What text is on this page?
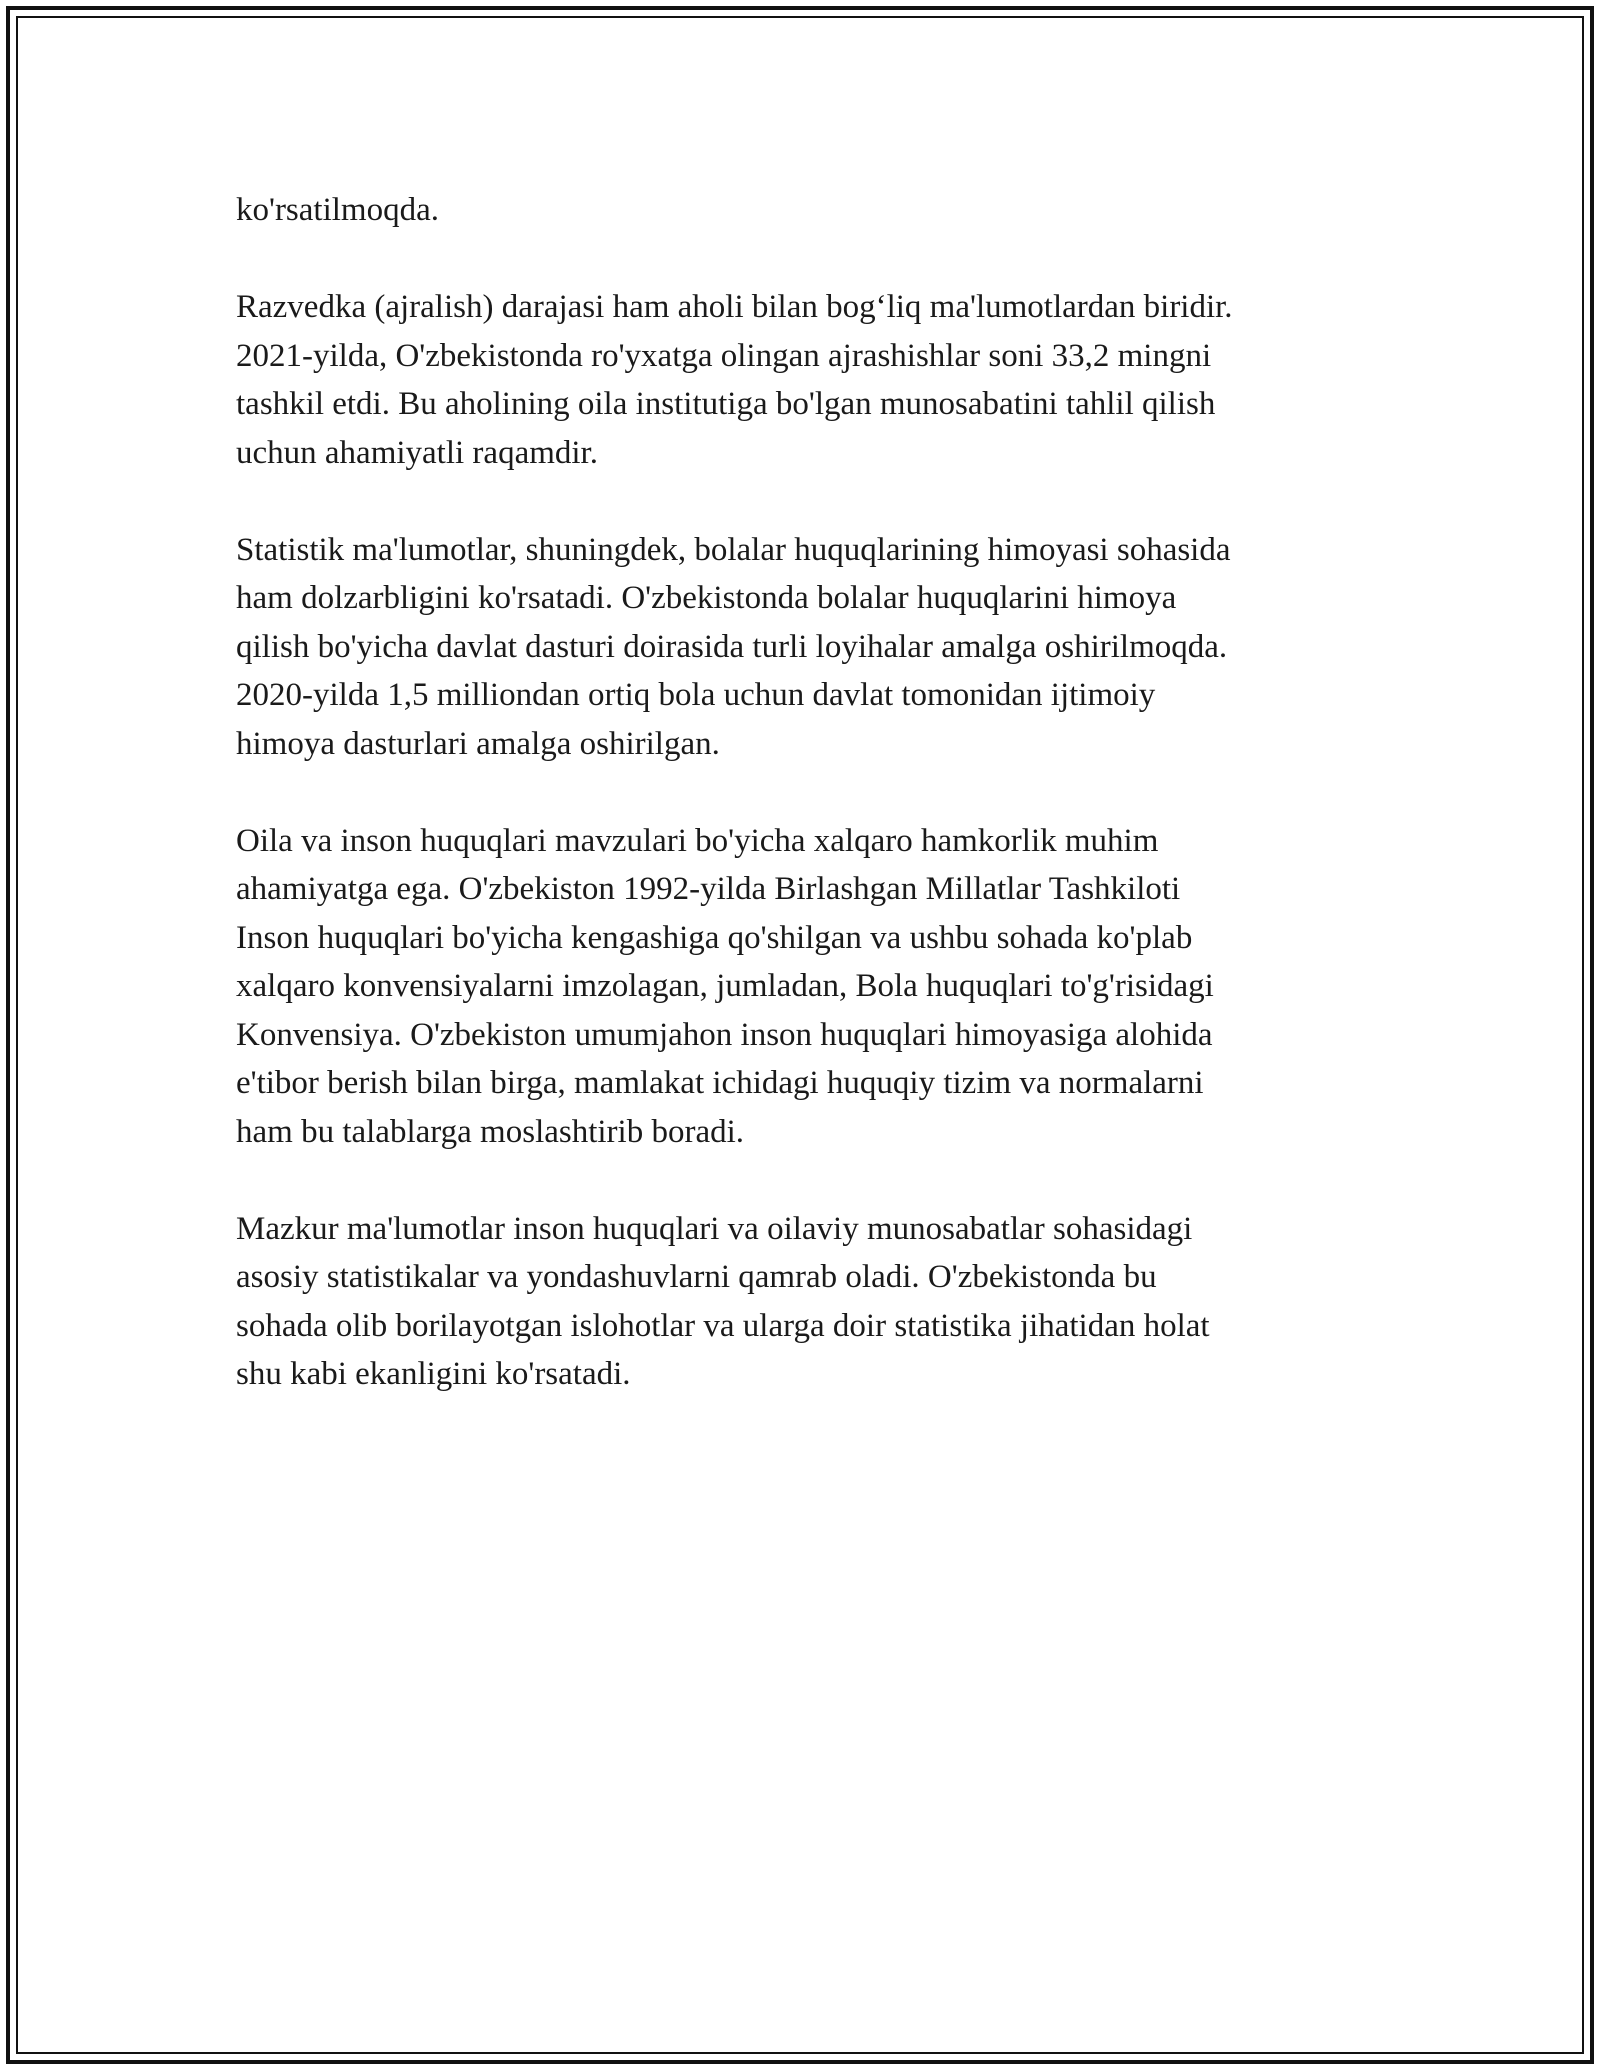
ko'rsatilmoqda.

Razvedka (ajralish) darajasi ham aholi bilan bog‘liq ma'lumotlardan biridir.
2021-yilda, O'zbekistonda ro'yxatga olingan ajrashishlar soni 33,2 mingni
tashkil etdi. Bu aholining oila institutiga bo'lgan munosabatini tahlil qilish
uchun ahamiyatli raqamdir.

Statistik ma'lumotlar, shuningdek, bolalar huquqlarining himoyasi sohasida
ham dolzarbligini ko'rsatadi. O'zbekistonda bolalar huquqlarini himoya
qilish bo'yicha davlat dasturi doirasida turli loyihalar amalga oshirilmoqda.
2020-yilda 1,5 milliondan ortiq bola uchun davlat tomonidan ijtimoiy
himoya dasturlari amalga oshirilgan.

Oila va inson huquqlari mavzulari bo'yicha xalqaro hamkorlik muhim
ahamiyatga ega. O'zbekiston 1992-yilda Birlashgan Millatlar Tashkiloti
Inson huquqlari bo'yicha kengashiga qo'shilgan va ushbu sohada ko'plab
xalqaro konvensiyalarni imzolagan, jumladan, Bola huquqlari to'g'risidagi
Konvensiya. O'zbekiston umumjahon inson huquqlari himoyasiga alohida
e'tibor berish bilan birga, mamlakat ichidagi huquqiy tizim va normalarni
ham bu talablarga moslashtirib boradi.

Mazkur ma'lumotlar inson huquqlari va oilaviy munosabatlar sohasidagi
asosiy statistikalar va yondashuvlarni qamrab oladi. O'zbekistonda bu
sohada olib borilayotgan islohotlar va ularga doir statistika jihatidan holat
shu kabi ekanligini ko'rsatadi.
